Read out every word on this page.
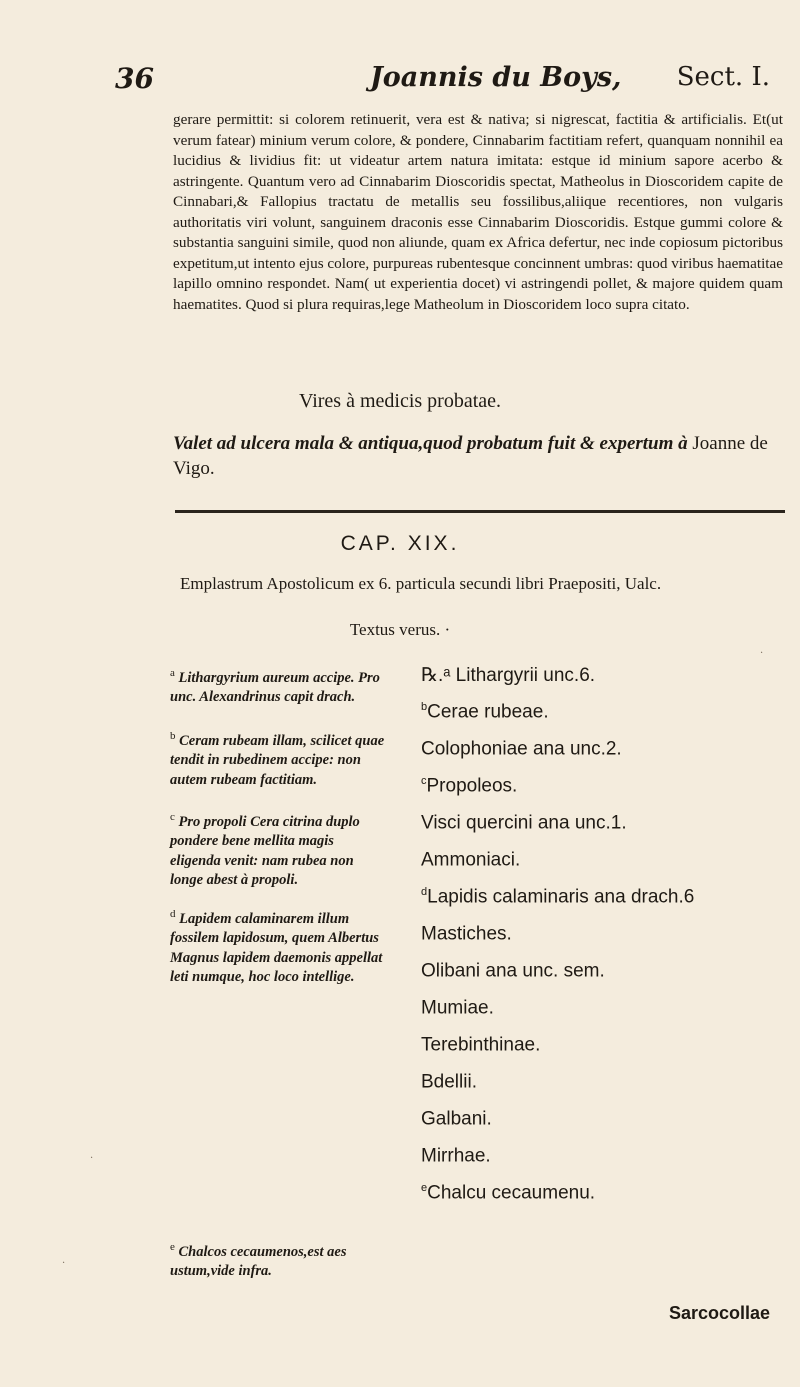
36	Joannis du Boys, Sect. I.

gerare permittit: si colorem retinuerit, vera est & nativa; si nigrescat, factitia & artificialis. Et(ut verum fatear) minium verum colore, & pondere, Cinnabarim factitiam refert, quanquam nonnihil ea lucidius & lividius fit: ut videatur artem natura imitata: estque id minium sapore acerbo & astringente. Quantum vero ad Cinnabarim Dioscoridis spectat, Matheolus in Dioscoridem capite de Cinnabari,& Fallopius tractatu de metallis seu fossilibus,aliique recentiores, non vulgaris authoritatis viri volunt, sanguinem draconis esse Cinnabarim Dioscoridis. Estque gummi colore & substantia sanguini simile, quod non aliunde, quam ex Africa defertur, nec inde copiosum pictoribus expetitum,ut intento ejus colore, purpureas rubentesque concinnent umbras: quod viribus haematitae lapillo omnino respondet. Nam( ut experientia docet) vi astringendi pollet, & majore quidem quam haematites. Quod si plura requiras,lege Matheolum in Dioscoridem loco supra citato.

Vires à medicis probatae.
Valet ad ulcera mala & antiqua,quod probatum fuit & expertum à Joanne de Vigo.
CAP. XIX.
Emplastrum Apostolicum ex 6. particula secundi libri Praepositi, Ualc.
Textus verus. ·
$^a$ Lithargyrium aureum accipe. Pro unc. Alexandrinus capit drach.
$^b$ Ceram rubeam illam, scilicet quae tendit in rubedinem accipe: non autem rubeam factitiam.
$^c$ Pro propoli Cera citrina duplo pondere bene mellita magis eligenda venit: nam rubea non longe abest à propoli.
$^d$ Lapidem calaminarem illum fossilem lapidosum, quem Albertus Magnus lapidem daemonis appellat leti numque, hoc loco intellige.
$^e$ Chalcos cecaumenos,est aes ustum,vide infra.
℞.ᵃ Lithargyrii unc.6.
$^b$Cerae rubeae.
Colophoniae ana unc.2.
$^c$Propoleos.
Visci quercini ana unc.1.
Ammoniaci.
$^d$Lapidis calaminaris ana drach.6
Mastiches.
Olibani ana unc. sem.
Mumiae.
Terebinthinae.
Bdellii.
Galbani.
Mirrhae.
$^e$Chalcu cecaumenu.
Sarcocollae
.
.
.
